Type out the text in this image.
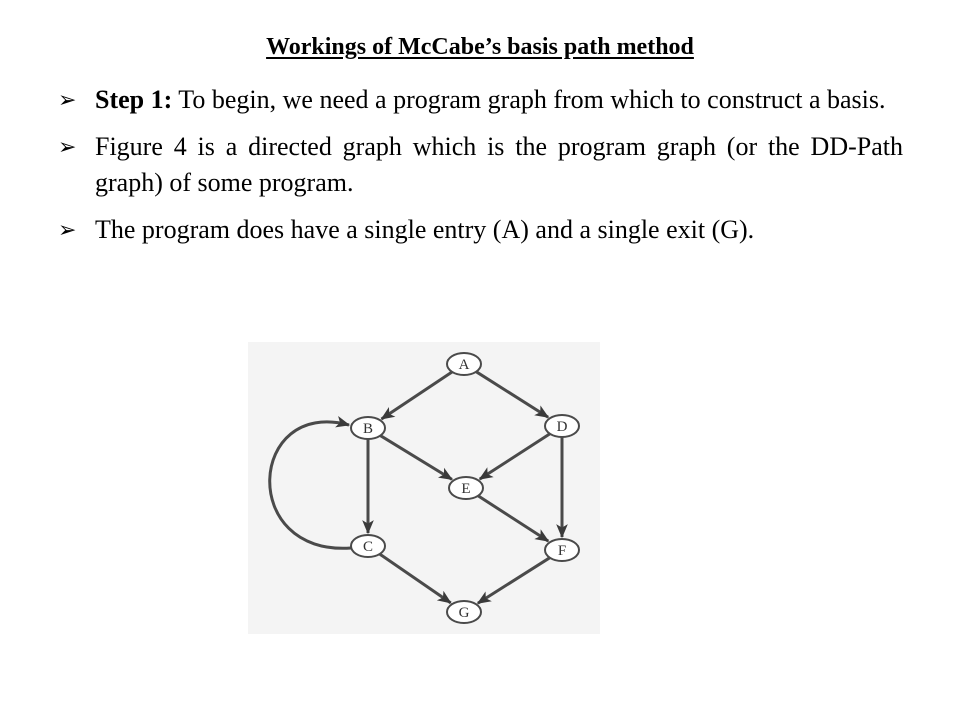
Workings of McCabe’s basis path method
➢ Step 1: To begin, we need a program graph from which to construct a basis.
➢ Figure 4 is a directed graph which is the program graph (or the DD-Path graph) of some program.
➢ The program does have a single entry (A) and a single exit (G).
A
B	D
E
C	F
G
